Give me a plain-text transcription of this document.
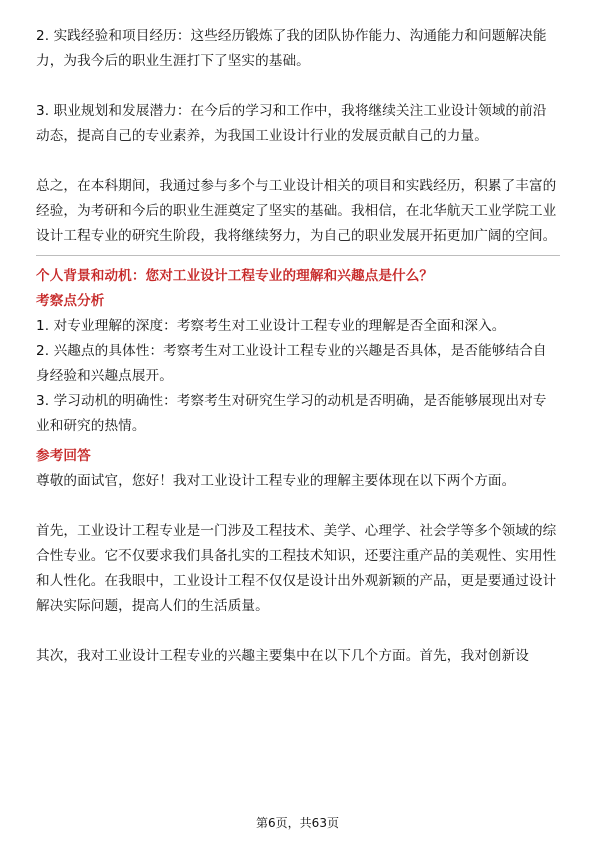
2. 实践经验和项目经历：这些经历锻炼了我的团队协作能力、沟通能力和问题解决能力，为我今后的职业生涯打下了坚实的基础。

3. 职业规划和发展潜力：在今后的学习和工作中，我将继续关注工业设计领域的前沿动态，提高自己的专业素养，为我国工业设计行业的发展贡献自己的力量。

总之，在本科期间，我通过参与多个与工业设计相关的项目和实践经历，积累了丰富的经验，为考研和今后的职业生涯奠定了坚实的基础。我相信，在北华航天工业学院工业设计工程专业的研究生阶段，我将继续努力，为自己的职业发展开拓更加广阔的空间。

个人背景和动机：您对工业设计工程专业的理解和兴趣点是什么？

考察点分析

1. 对专业理解的深度：考察考生对工业设计工程专业的理解是否全面和深入。

2. 兴趣点的具体性：考察考生对工业设计工程专业的兴趣是否具体，是否能够结合自身经验和兴趣点展开。

3. 学习动机的明确性：考察考生对研究生学习的动机是否明确，是否能够展现出对专业和研究的热情。

参考回答

尊敬的面试官，您好！我对工业设计工程专业的理解主要体现在以下两个方面。

首先，工业设计工程专业是一门涉及工程技术、美学、心理学、社会学等多个领域的综合性专业。它不仅要求我们具备扎实的工程技术知识，还要注重产品的美观性、实用性和人性化。在我眼中，工业设计工程不仅仅是设计出外观新颖的产品，更是要通过设计解决实际问题，提高人们的生活质量。

其次，我对工业设计工程专业的兴趣主要集中在以下几个方面。首先，我对创新设

第6页，共63页
